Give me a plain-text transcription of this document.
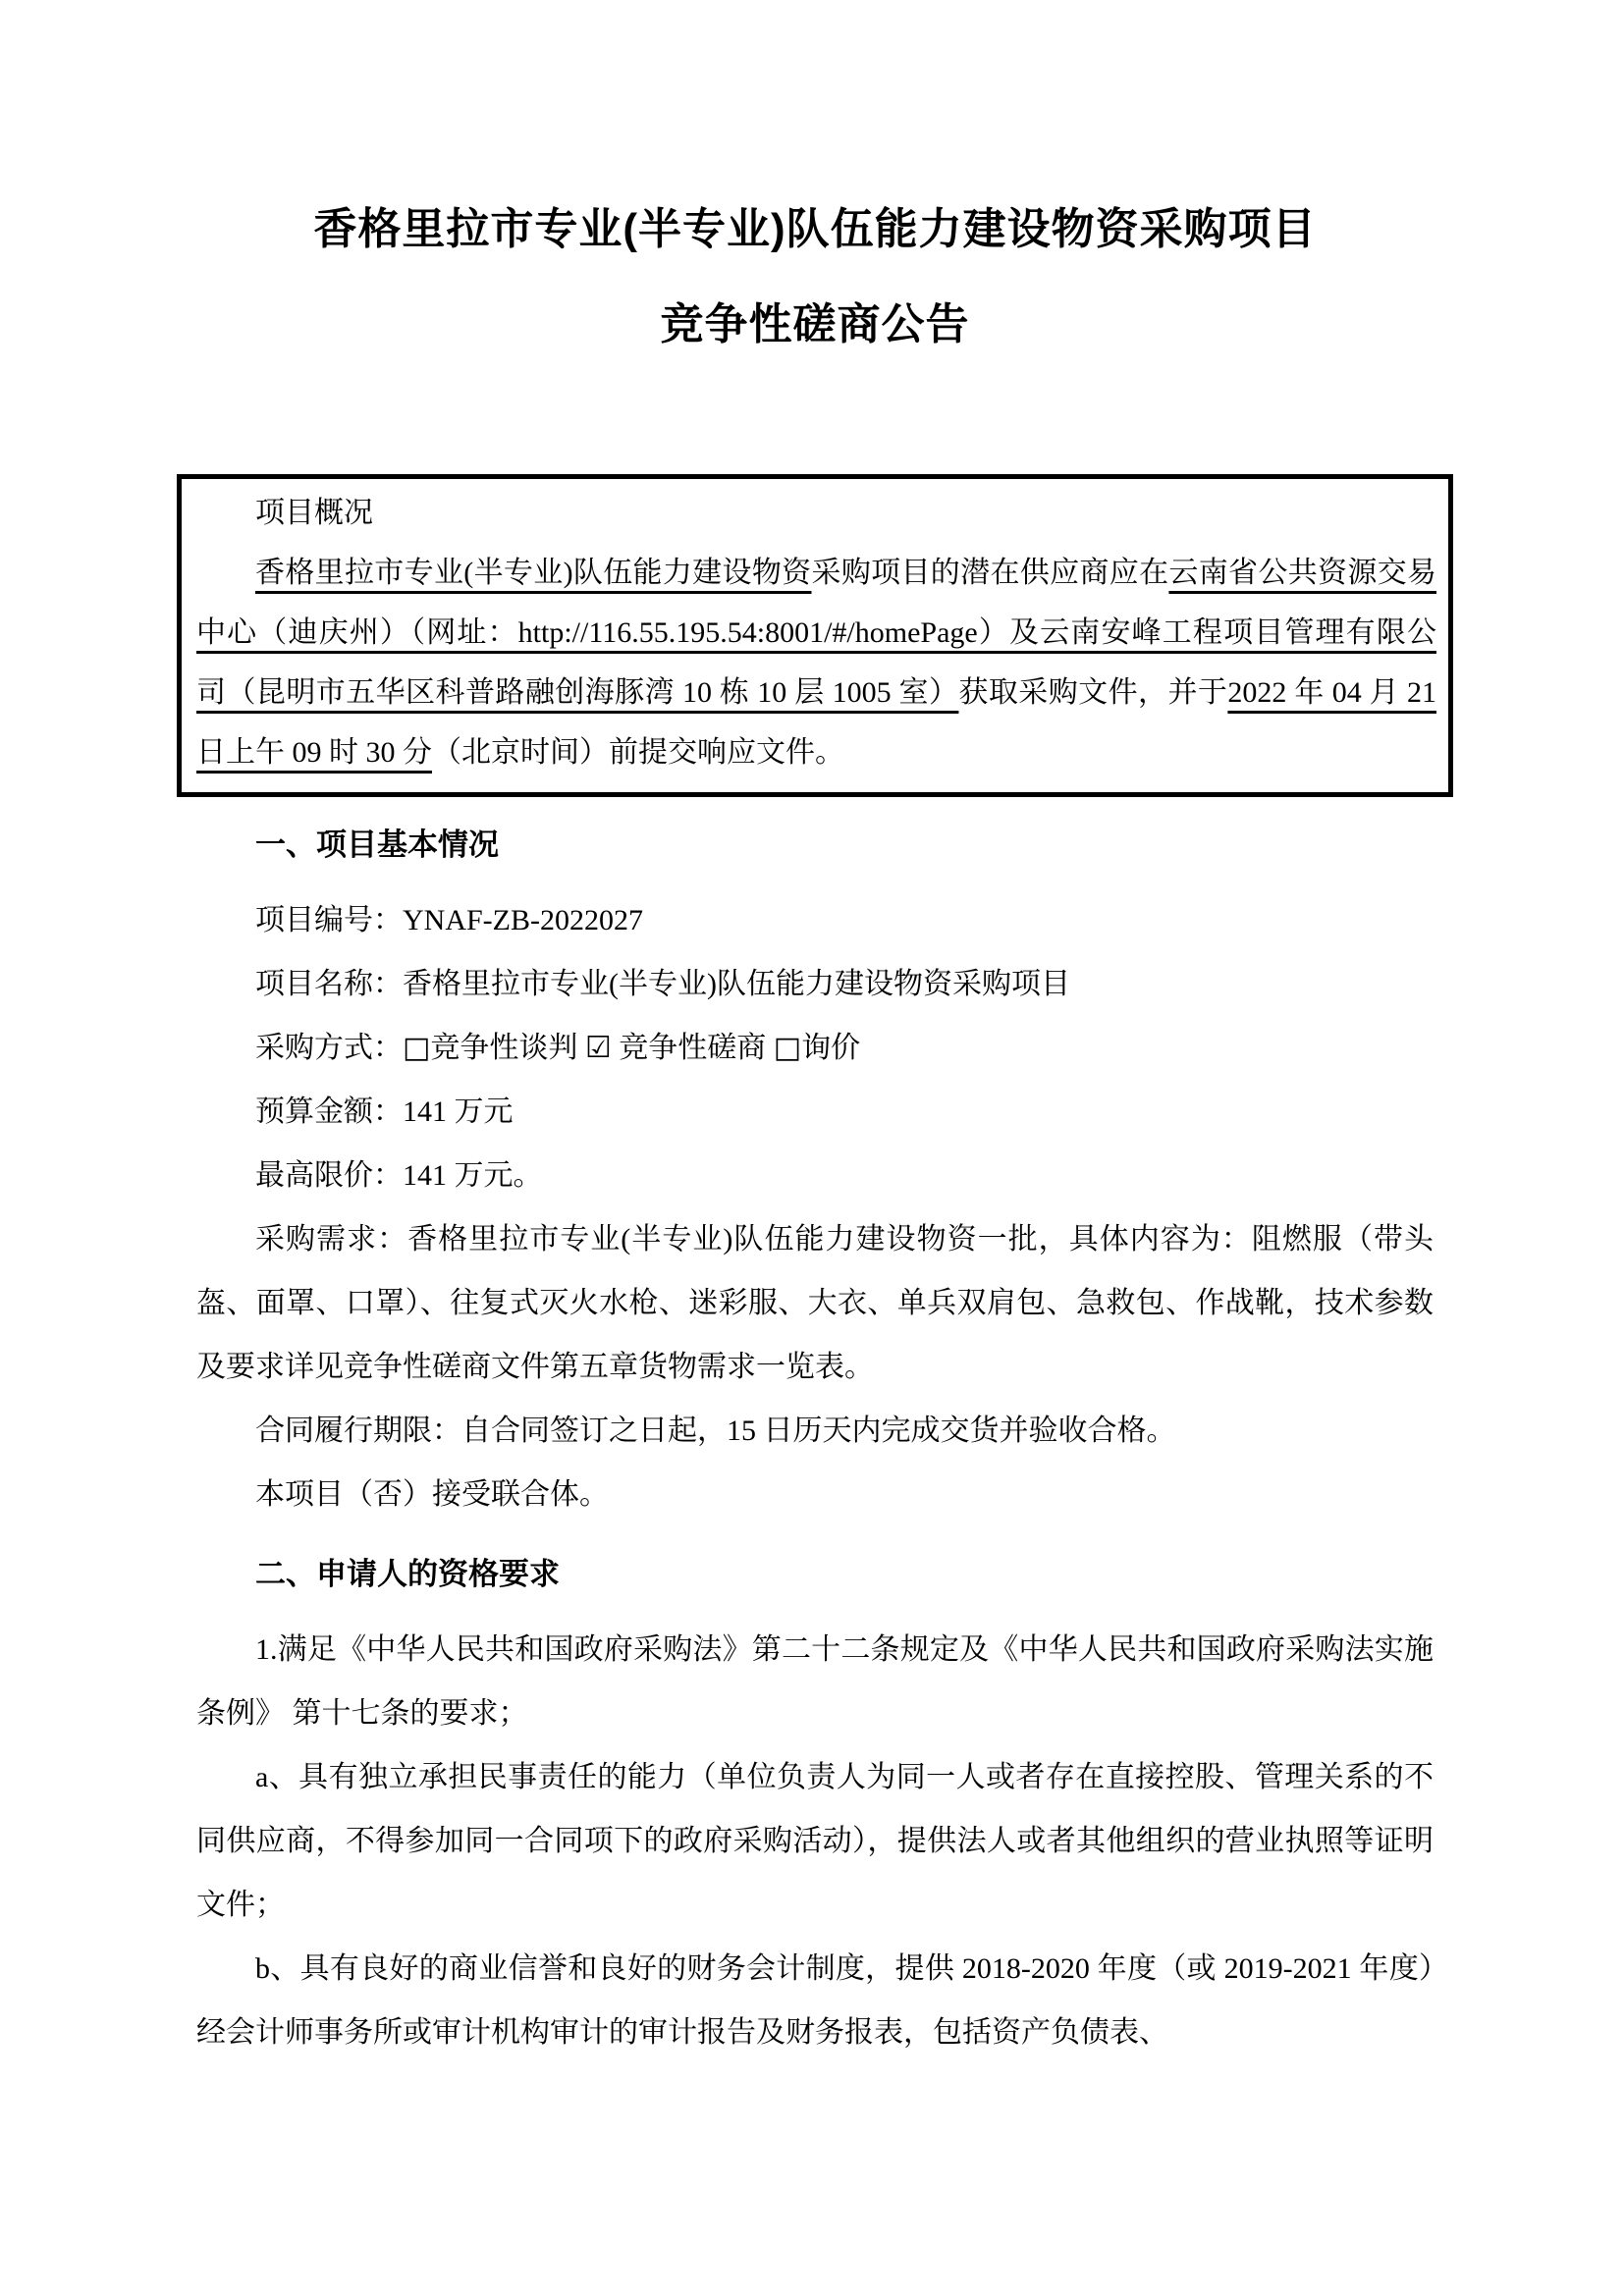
香格里拉市专业(半专业)队伍能力建设物资采购项目
竞争性磋商公告

项目概况

香格里拉市专业(半专业)队伍能力建设物资采购项目的潜在供应商应在云南省公共资源交易中心（迪庆州）（网址：http://116.55.195.54:8001/#/homePage）及云南安峰工程项目管理有限公司（昆明市五华区科普路融创海豚湾 10 栋 10 层 1005 室）获取采购文件，并于2022 年 04 月 21 日上午 09 时 30 分（北京时间）前提交响应文件。

一、项目基本情况

项目编号：YNAF-ZB-2022027

项目名称：香格里拉市专业(半专业)队伍能力建设物资采购项目

采购方式：□竞争性谈判 ☑ 竞争性磋商 □询价

预算金额：141 万元

最高限价：141 万元。

采购需求：香格里拉市专业(半专业)队伍能力建设物资一批，具体内容为：阻燃服（带头盔、面罩、口罩）、往复式灭火水枪、迷彩服、大衣、单兵双肩包、急救包、作战靴，技术参数及要求详见竞争性磋商文件第五章货物需求一览表。

合同履行期限：自合同签订之日起，15 日历天内完成交货并验收合格。

本项目（否）接受联合体。

二、申请人的资格要求

1.满足《中华人民共和国政府采购法》第二十二条规定及《中华人民共和国政府采购法实施条例》 第十七条的要求；

a、具有独立承担民事责任的能力（单位负责人为同一人或者存在直接控股、管理关系的不同供应商，不得参加同一合同项下的政府采购活动），提供法人或者其他组织的营业执照等证明文件；

b、具有良好的商业信誉和良好的财务会计制度，提供 2018-2020 年度（或 2019-2021 年度）经会计师事务所或审计机构审计的审计报告及财务报表，包括资产负债表、
